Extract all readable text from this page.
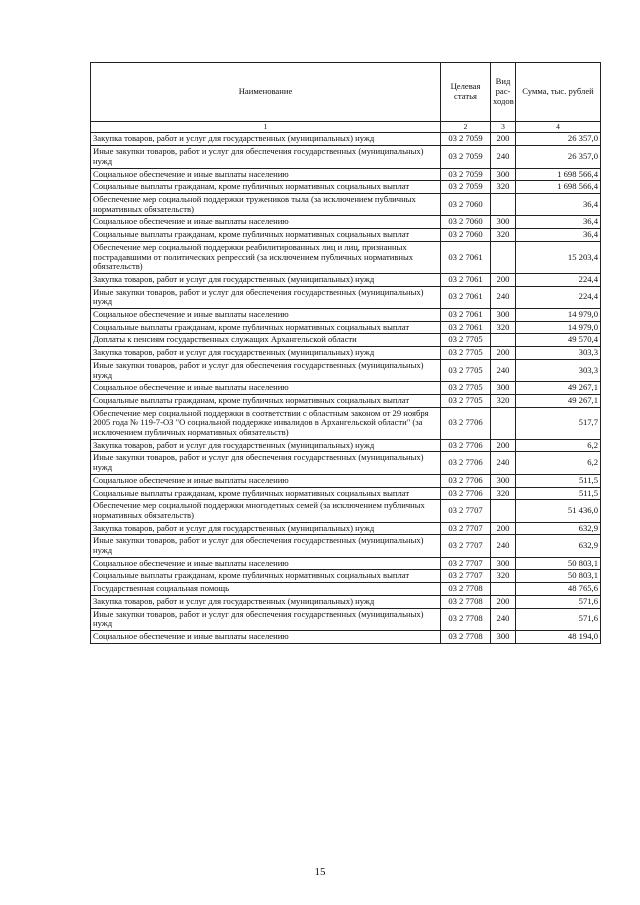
Наименование	Целевая статья	Вид рас-ходов	Сумма, тыс. рублей
1	2	3	4
Закупка товаров, работ и услуг для государственных (муниципальных) нужд	03 2 7059	200	26 357,0
Иные закупки товаров, работ и услуг для обеспечения государственных (муниципальных) нужд	03 2 7059	240	26 357,0
Социальное обеспечение и иные выплаты населению	03 2 7059	300	1 698 566,4
Социальные выплаты гражданам, кроме публичных нормативных социальных выплат	03 2 7059	320	1 698 566,4
Обеспечение мер социальной поддержки тружеников тыла (за исключением публичных нормативных обязательств)	03 2 7060		36,4
Социальное обеспечение и иные выплаты населению	03 2 7060	300	36,4
Социальные выплаты гражданам, кроме публичных нормативных социальных выплат	03 2 7060	320	36,4
Обеспечение мер социальной поддержки реабилитированных лиц и лиц, признанных пострадавшими от политических репрессий (за исключением публичных нормативных обязательств)	03 2 7061		15 203,4
Закупка товаров, работ и услуг для государственных (муниципальных) нужд	03 2 7061	200	224,4
Иные закупки товаров, работ и услуг для обеспечения государственных (муниципальных) нужд	03 2 7061	240	224,4
Социальное обеспечение и иные выплаты населению	03 2 7061	300	14 979,0
Социальные выплаты гражданам, кроме публичных нормативных социальных выплат	03 2 7061	320	14 979,0
Доплаты к пенсиям государственных служащих Архангельской области	03 2 7705		49 570,4
Закупка товаров, работ и услуг для государственных (муниципальных) нужд	03 2 7705	200	303,3
Иные закупки товаров, работ и услуг для обеспечения государственных (муниципальных) нужд	03 2 7705	240	303,3
Социальное обеспечение и иные выплаты населению	03 2 7705	300	49 267,1
Социальные выплаты гражданам, кроме публичных нормативных социальных выплат	03 2 7705	320	49 267,1
Обеспечение мер социальной поддержки в соответствии с областным законом от 29 ноября 2005 года № 119-7-ОЗ "О социальной поддержке инвалидов в Архангельской области" (за исключением публичных нормативных обязательств)	03 2 7706		517,7
Закупка товаров, работ и услуг для государственных (муниципальных) нужд	03 2 7706	200	6,2
Иные закупки товаров, работ и услуг для обеспечения государственных (муниципальных) нужд	03 2 7706	240	6,2
Социальное обеспечение и иные выплаты населению	03 2 7706	300	511,5
Социальные выплаты гражданам, кроме публичных нормативных социальных выплат	03 2 7706	320	511,5
Обеспечение мер социальной поддержки многодетных семей (за исключением публичных нормативных обязательств)	03 2 7707		51 436,0
Закупка товаров, работ и услуг для государственных (муниципальных) нужд	03 2 7707	200	632,9
Иные закупки товаров, работ и услуг для обеспечения государственных (муниципальных) нужд	03 2 7707	240	632,9
Социальное обеспечение и иные выплаты населению	03 2 7707	300	50 803,1
Социальные выплаты гражданам, кроме публичных нормативных социальных выплат	03 2 7707	320	50 803,1
Государственная социальная помощь	03 2 7708		48 765,6
Закупка товаров, работ и услуг для государственных (муниципальных) нужд	03 2 7708	200	571,6
Иные закупки товаров, работ и услуг для обеспечения государственных (муниципальных) нужд	03 2 7708	240	571,6
Социальное обеспечение и иные выплаты населению	03 2 7708	300	48 194,0
15
